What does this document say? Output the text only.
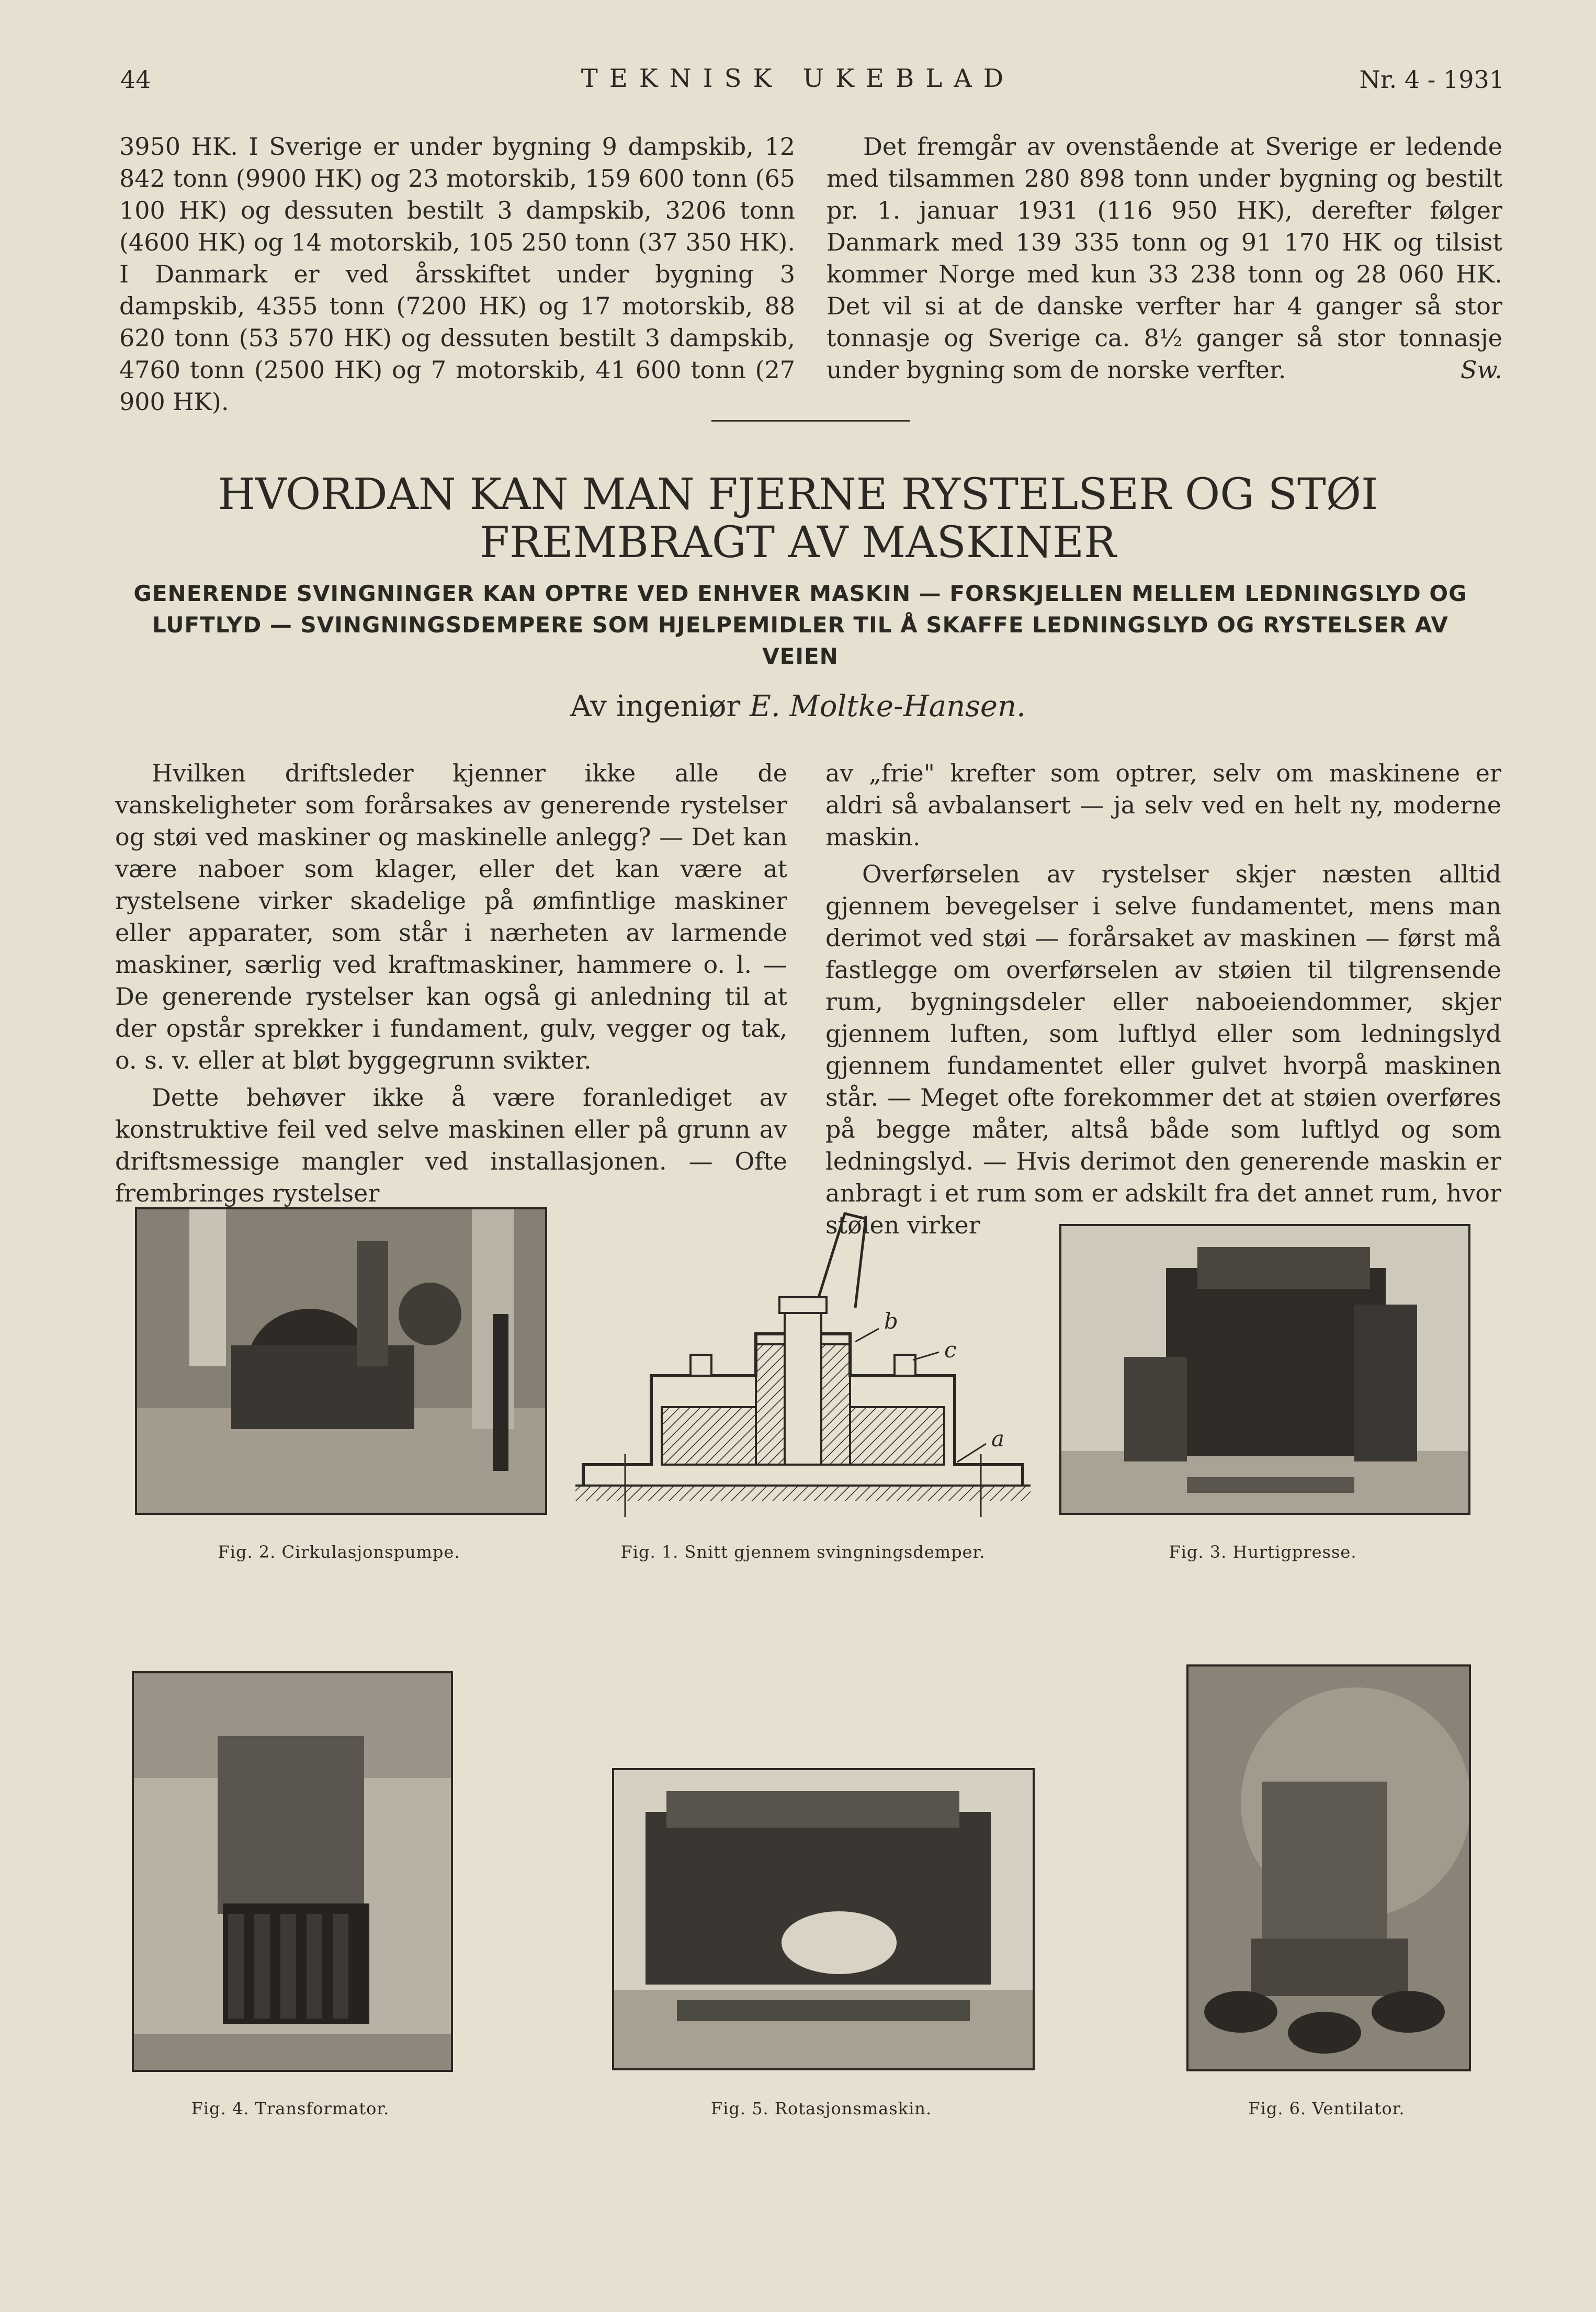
44	TEKNISK UKEBLAD	Nr. 4 - 1931

3950 HK. I Sverige er under bygning 9 dampskib, 12 842 tonn (9900 HK) og 23 motorskib, 159 600 tonn (65 100 HK) og dessuten bestilt 3 dampskib, 3206 tonn (4600 HK) og 14 motorskib, 105 250 tonn (37 350 HK). I Danmark er ved årsskiftet under bygning 3 dampskib, 4355 tonn (7200 HK) og 17 motorskib, 88 620 tonn (53 570 HK) og dessuten bestilt 3 dampskib, 4760 tonn (2500 HK) og 7 motorskib, 41 600 tonn (27 900 HK).

Det fremgår av ovenstående at Sverige er ledende med tilsammen 280 898 tonn under bygning og bestilt pr. 1. januar 1931 (116 950 HK), derefter følger Danmark med 139 335 tonn og 91 170 HK og tilsist kommer Norge med kun 33 238 tonn og 28 060 HK. Det vil si at de danske verfter har 4 ganger så stor tonnasje og Sverige ca. 8½ ganger så stor tonnasje under bygning som de norske verfter.	Sw.
HVORDAN KAN MAN FJERNE RYSTELSER OG STØI
FREMBRAGT AV MASKINER
GENERENDE SVINGNINGER KAN OPTRE VED ENHVER MASKIN — FORSKJELLEN MELLEM LEDNINGSLYD OG LUFTLYD — SVINGNINGSDEMPERE SOM HJELPEMIDLER TIL Å SKAFFE LEDNINGSLYD OG RYSTELSER AV VEIEN
Av ingeniør E. Moltke-Hansen.

Hvilken driftsleder kjenner ikke alle de vanskeligheter som forårsakes av generende rystelser og støi ved maskiner og maskinelle anlegg? — Det kan være naboer som klager, eller det kan være at rystelsene virker skadelige på ømfintlige maskiner eller apparater, som står i nærheten av larmende maskiner, særlig ved kraftmaskiner, hammere o. l. — De generende rystelser kan også gi anledning til at der opstår sprekker i fundament, gulv, vegger og tak, o. s. v. eller at bløt byggegrunn svikter.

Dette behøver ikke å være foranlediget av konstruktive feil ved selve maskinen eller på grunn av driftsmessige mangler ved installasjonen. — Ofte frembringes rystelser

av „frie" krefter som optrer, selv om maskinene er aldri så avbalansert — ja selv ved en helt ny, moderne maskin.

Overførselen av rystelser skjer næsten alltid gjennem bevegelser i selve fundamentet, mens man derimot ved støi — forårsaket av maskinen — først må fastlegge om overførselen av støien til tilgrensende rum, bygningsdeler eller naboeiendommer, skjer gjennem luften, som luftlyd eller som ledningslyd gjennem fundamentet eller gulvet hvorpå maskinen står. — Meget ofte forekommer det at støien overføres på begge måter, altså både som luftlyd og som ledningslyd. — Hvis derimot den generende maskin er anbragt i et rum som er adskilt fra det annet rum, hvor støien virker

a
b
c
Fig. 2. Cirkulasjonspumpe.	Fig. 1. Snitt gjennem svingningsdemper.	Fig. 3. Hurtigpresse.
Fig. 4. Transformator.	Fig. 5. Rotasjonsmaskin.	Fig. 6. Ventilator.
